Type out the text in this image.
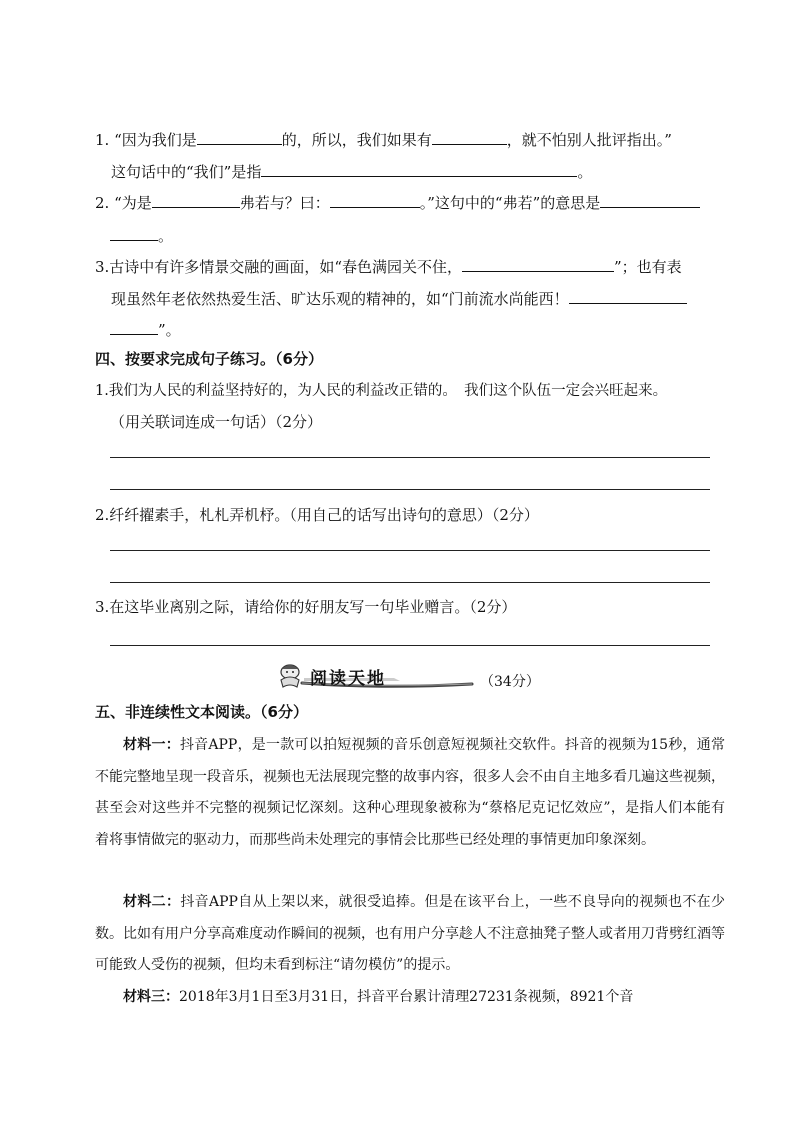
1. “因为我们是	的，所以，我们如果有	，就不怕别人批评指出。”
这句话中的“我们”是指	。
2. “为是	弗若与？曰：	。”这句中的“弗若”的意思是
。
3.古诗中有许多情景交融的画面，如“春色满园关不住，	”；也有表
现虽然年老依然热爱生活、旷达乐观的精神的，如“门前流水尚能西！
”。
四、按要求完成句子练习。（6分）
1.我们为人民的利益坚持好的，为人民的利益改正错的。　我们这个队伍一定会兴旺起来。
（用关联词连成一句话）（2分）
2.纤纤擢素手，札札弄机杼。（用自己的话写出诗句的意思）（2分）
3.在这毕业离别之际，请给你的好朋友写一句毕业赠言。（2分）
阅读天地	（34分）
五、非连续性文本阅读。（6分）

材料一：抖音APP，是一款可以拍短视频的音乐创意短视频社交软件。抖音的视频为15秒，通常不能完整地呈现一段音乐，视频也无法展现完整的故事内容，很多人会不由自主地多看几遍这些视频，甚至会对这些并不完整的视频记忆深刻。这种心理现象被称为“蔡格尼克记忆效应”，是指人们本能有着将事情做完的驱动力，而那些尚未处理完的事情会比那些已经处理的事情更加印象深刻。

材料二：抖音APP自从上架以来，就很受追捧。但是在该平台上，一些不良导向的视频也不在少数。比如有用户分享高难度动作瞬间的视频，也有用户分享趁人不注意抽凳子整人或者用刀背劈红酒等可能致人受伤的视频，但均未看到标注“请勿模仿”的提示。

材料三：2018年3月1日至3月31日，抖音平台累计清理27231条视频，8921个音
